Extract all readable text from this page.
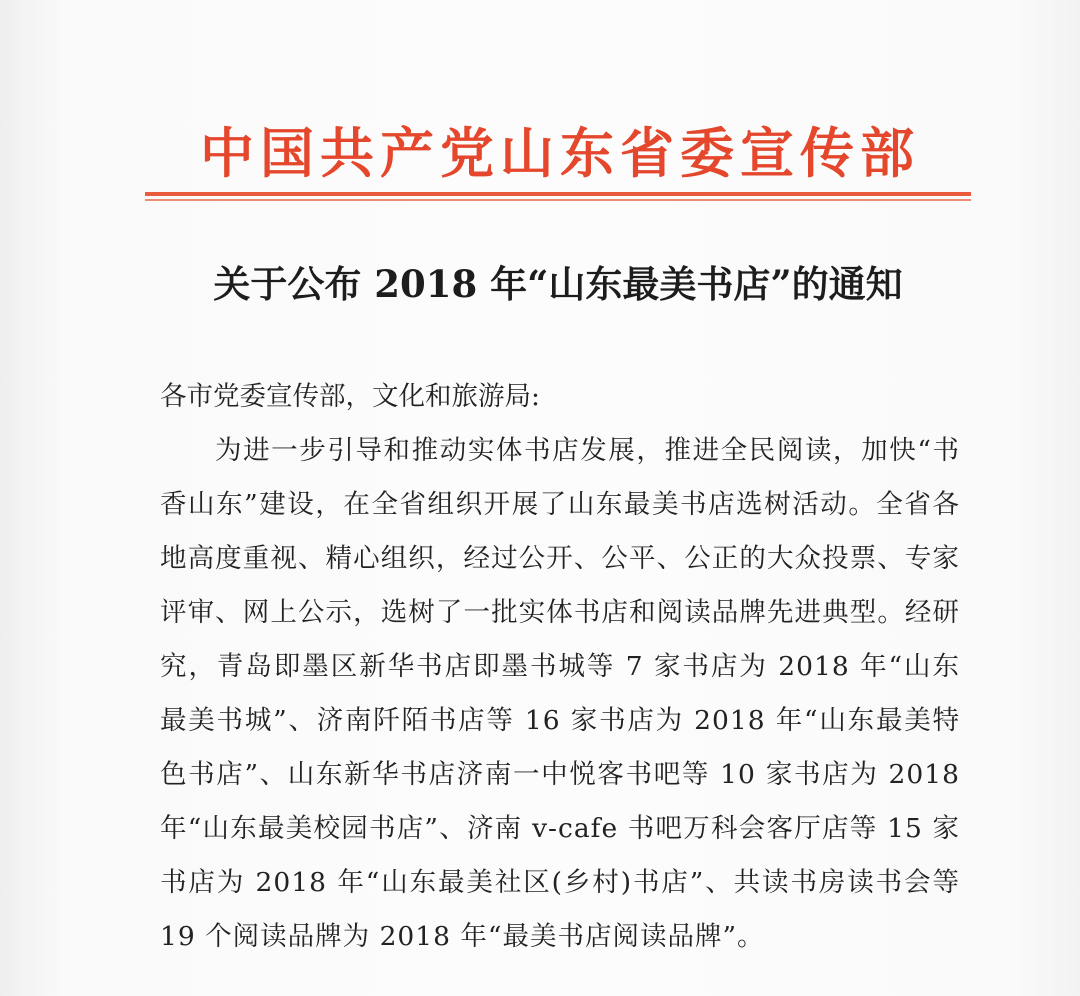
中国共产党山东省委宣传部
关于公布 2018 年“山东最美书店”的通知
各市党委宣传部，文化和旅游局:
为进一步引导和推动实体书店发展，推进全民阅读，加快“书香山东”建设，在全省组织开展了山东最美书店选树活动。全省各地高度重视、精心组织，经过公开、公平、公正的大众投票、专家评审、网上公示，选树了一批实体书店和阅读品牌先进典型。经研究，青岛即墨区新华书店即墨书城等 7 家书店为 2018 年“山东最美书城”、济南阡陌书店等 16 家书店为 2018 年“山东最美特色书店”、山东新华书店济南一中悦客书吧等 10 家书店为 2018 年“山东最美校园书店”、济南 v-cafe 书吧万科会客厅店等 15 家书店为 2018 年“山东最美社区(乡村)书店”、共读书房读书会等 19 个阅读品牌为 2018 年“最美书店阅读品牌”。
